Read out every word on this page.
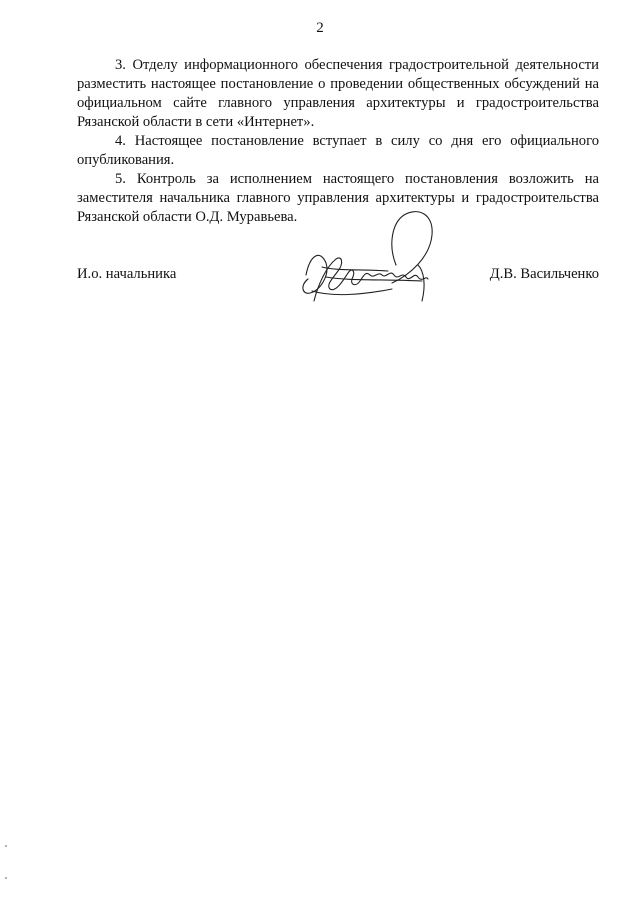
2

3. Отделу информационного обеспечения градостроительной деятельности разместить настоящее постановление о проведении общественных обсуждений на официальном сайте главного управления архитектуры и градостроительства Рязанской области в сети «Интернет».

4. Настоящее постановление вступает в силу со дня его официального опубликования.

5. Контроль за исполнением настоящего постановления возложить на заместителя начальника главного управления архитектуры и градостроительства Рязанской области О.Д. Муравьева.

И.о. начальника	Д.В. Васильченко
